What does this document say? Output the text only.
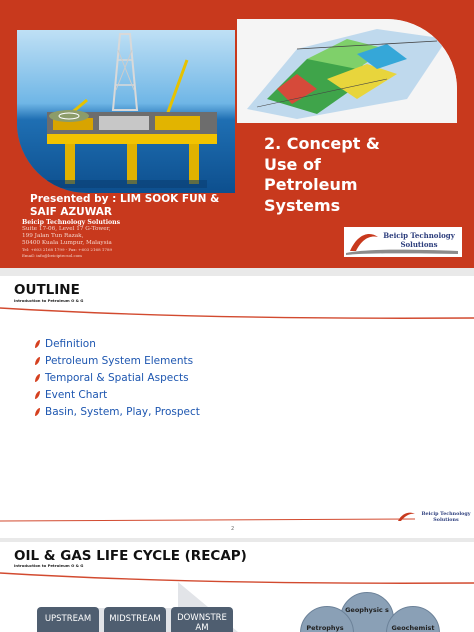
2. Concept &
Use of
Petroleum
Systems
Presented by : LIM SOOK FUN &
SAIF AZUWAR
Beicip Technology Solutions
Suite 17-06, Level 17 G-Tower,
199 Jalan Tun Razak,
50400 Kuala Lumpur, Malaysia
Tel: +603 2168 1799 - Fax: +603 2168 1789
Email: info@beiciptecsol.com
Beicip Technology
Solutions
OUTLINE
Introduction to Petroleum O & G
Definition
Petroleum System Elements
Temporal & Spatial Aspects
Event Chart
Basin, System, Play, Prospect
Beicip Technology
Solutions
2
OIL & GAS LIFE CYCLE (RECAP)
Introduction to Petroleum O & G
UPSTREAM	MIDSTREAM	DOWNSTRE AM
Geophysic s
Petrophys	Geochemist
